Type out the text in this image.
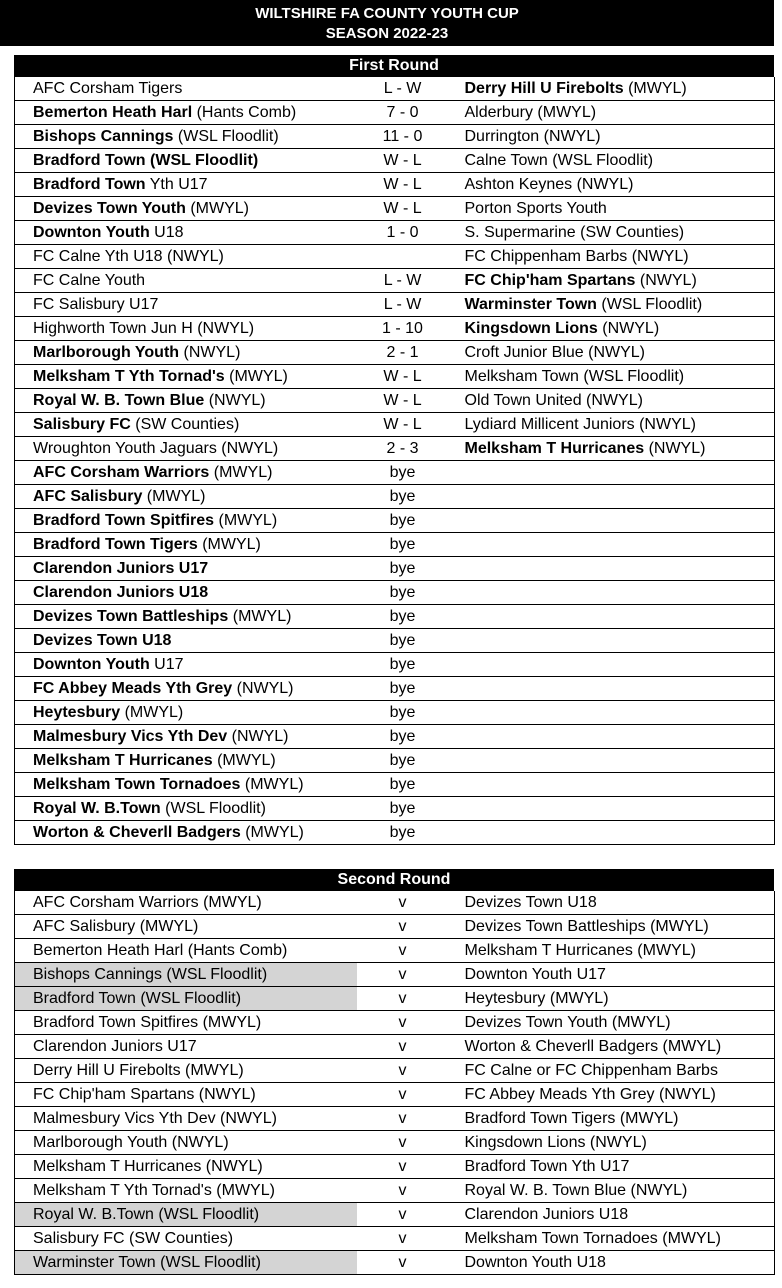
WILTSHIRE FA COUNTY YOUTH CUP
SEASON 2022-23
First Round
AFC Corsham Tigers	L - W	Derry Hill U Firebolts (MWYL)
Bemerton Heath Harl (Hants Comb)	7 - 0	Alderbury (MWYL)
Bishops Cannings (WSL Floodlit)	11 - 0	Durrington (NWYL)
Bradford Town (WSL Floodlit)	W - L	Calne Town (WSL Floodlit)
Bradford Town Yth U17	W - L	Ashton Keynes (NWYL)
Devizes Town Youth (MWYL)	W - L	Porton Sports Youth
Downton Youth U18	1 - 0	S. Supermarine (SW Counties)
FC Calne Yth U18 (NWYL)		FC Chippenham Barbs (NWYL)
FC Calne Youth	L - W	FC Chip'ham Spartans (NWYL)
FC Salisbury U17	L - W	Warminster Town (WSL Floodlit)
Highworth Town Jun H (NWYL)	1 - 10	Kingsdown Lions (NWYL)
Marlborough Youth (NWYL)	2 - 1	Croft Junior Blue (NWYL)
Melksham T Yth Tornad's (MWYL)	W - L	Melksham Town (WSL Floodlit)
Royal W. B. Town Blue (NWYL)	W - L	Old Town United (NWYL)
Salisbury FC (SW Counties)	W - L	Lydiard Millicent Juniors (NWYL)
Wroughton Youth Jaguars (NWYL)	2 - 3	Melksham T Hurricanes (NWYL)
AFC Corsham Warriors (MWYL)	bye	
AFC Salisbury (MWYL)	bye	
Bradford Town Spitfires (MWYL)	bye	
Bradford Town Tigers (MWYL)	bye	
Clarendon Juniors U17	bye	
Clarendon Juniors U18	bye	
Devizes Town Battleships (MWYL)	bye	
Devizes Town U18	bye	
Downton Youth U17	bye	
FC Abbey Meads Yth Grey (NWYL)	bye	
Heytesbury (MWYL)	bye	
Malmesbury Vics Yth Dev (NWYL)	bye	
Melksham T Hurricanes (MWYL)	bye	
Melksham Town Tornadoes (MWYL)	bye	
Royal W. B.Town (WSL Floodlit)	bye	
Worton & Cheverll Badgers (MWYL)	bye	
Second Round
AFC Corsham Warriors (MWYL)	v	Devizes Town U18
AFC Salisbury (MWYL)	v	Devizes Town Battleships (MWYL)
Bemerton Heath Harl (Hants Comb)	v	Melksham T Hurricanes (MWYL)
Bishops Cannings (WSL Floodlit)	v	Downton Youth U17
Bradford Town (WSL Floodlit)	v	Heytesbury (MWYL)
Bradford Town Spitfires (MWYL)	v	Devizes Town Youth (MWYL)
Clarendon Juniors U17	v	Worton & Cheverll Badgers (MWYL)
Derry Hill U Firebolts (MWYL)	v	FC Calne or FC Chippenham Barbs
FC Chip'ham Spartans (NWYL)	v	FC Abbey Meads Yth Grey (NWYL)
Malmesbury Vics Yth Dev (NWYL)	v	Bradford Town Tigers (MWYL)
Marlborough Youth (NWYL)	v	Kingsdown Lions (NWYL)
Melksham T Hurricanes (NWYL)	v	Bradford Town Yth U17
Melksham T Yth Tornad's (MWYL)	v	Royal W. B. Town Blue (NWYL)
Royal W. B.Town (WSL Floodlit)	v	Clarendon Juniors U18
Salisbury FC (SW Counties)	v	Melksham Town Tornadoes (MWYL)
Warminster Town (WSL Floodlit)	v	Downton Youth U18
